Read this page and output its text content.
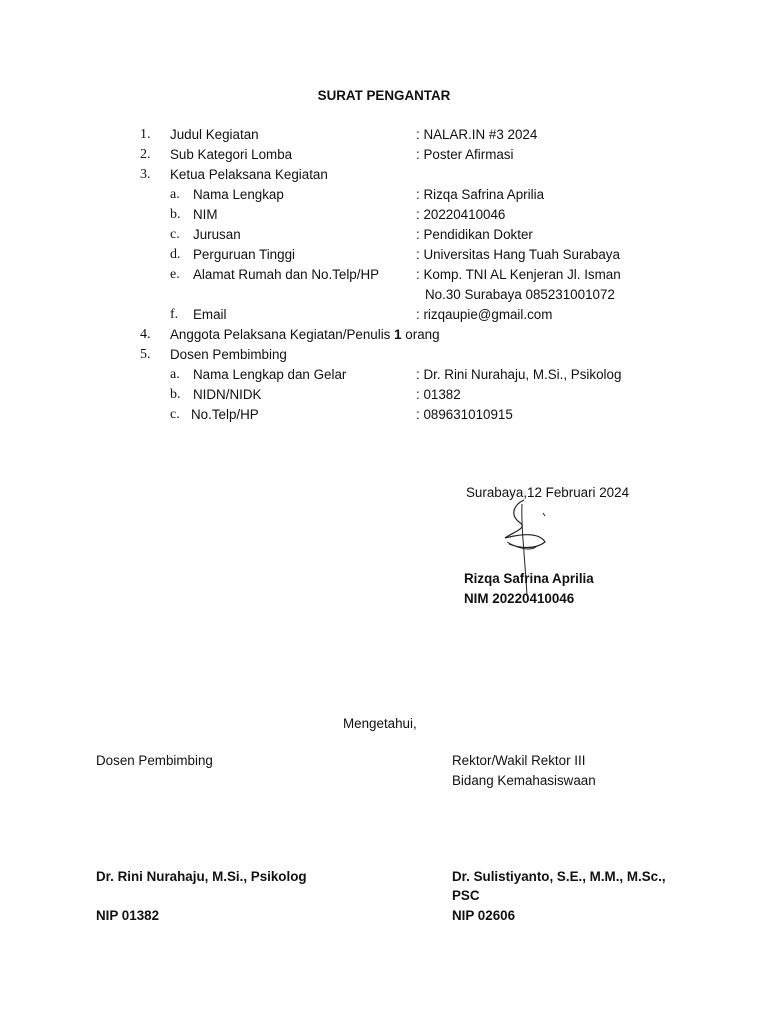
SURAT PENGANTAR
1. Judul Kegiatan	: NALAR.IN #3 2024
2. Sub Kategori Lomba	: Poster Afirmasi
3. Ketua Pelaksana Kegiatan
a. Nama Lengkap	: Rizqa Safrina Aprilia
b. NIM	: 20220410046
c. Jurusan	: Pendidikan Dokter
d. Perguruan Tinggi	: Universitas Hang Tuah Surabaya
e. Alamat Rumah dan No.Telp/HP	: Komp. TNI AL Kenjeran Jl. Isman
No.30 Surabaya 085231001072
f. Email	: rizqaupie@gmail.com
4. Anggota Pelaksana Kegiatan/Penulis 1 orang
5. Dosen Pembimbing
a. Nama Lengkap dan Gelar	: Dr. Rini Nurahaju, M.Si., Psikolog
b. NIDN/NIDK	: 01382
c. No.Telp/HP	: 089631010915
Surabaya,12 Februari 2024
Rizqa Safrina Aprilia
NIM 20220410046
Mengetahui,
Dosen Pembimbing
Dr. Rini Nurahaju, M.Si., Psikolog
NIP 01382
Rektor/Wakil Rektor III
Bidang Kemahasiswaan
Dr. Sulistiyanto, S.E., M.M., M.Sc.,
PSC
NIP 02606
